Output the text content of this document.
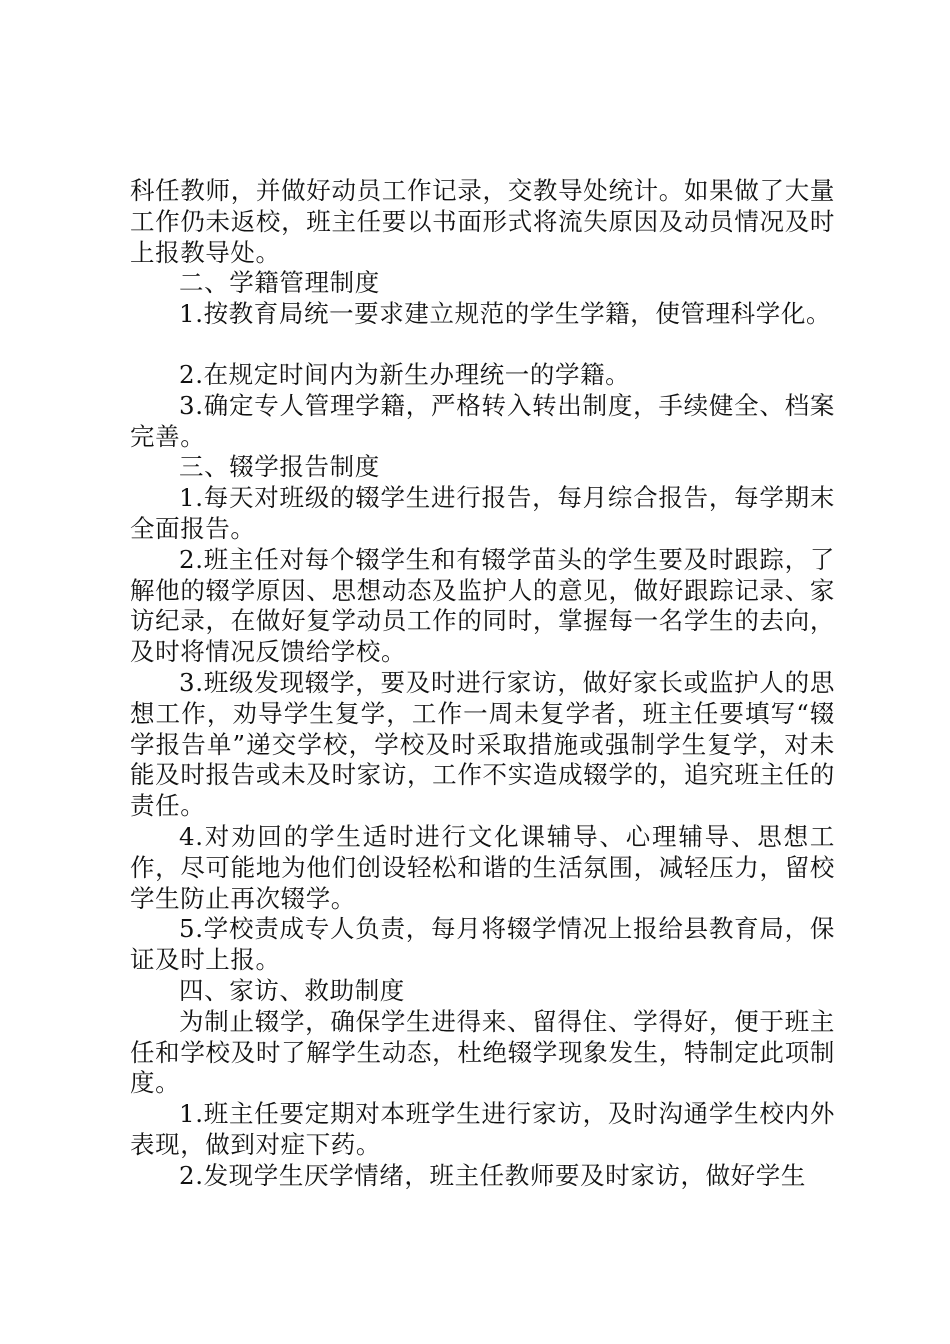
科任教师，并做好动员工作记录，交教导处统计。如果做了大量工作仍未返校，班主任要以书面形式将流失原因及动员情况及时上报教导处。

二、学籍管理制度

1.按教育局统一要求建立规范的学生学籍，使管理科学化。

2.在规定时间内为新生办理统一的学籍。

3.确定专人管理学籍，严格转入转出制度，手续健全、档案完善。

三、辍学报告制度

1.每天对班级的辍学生进行报告，每月综合报告，每学期末全面报告。

2.班主任对每个辍学生和有辍学苗头的学生要及时跟踪，了解他的辍学原因、思想动态及监护人的意见，做好跟踪记录、家访纪录，在做好复学动员工作的同时，掌握每一名学生的去向，及时将情况反馈给学校。

3.班级发现辍学，要及时进行家访，做好家长或监护人的思想工作，劝导学生复学，工作一周未复学者，班主任要填写“辍学报告单”递交学校，学校及时采取措施或强制学生复学，对未能及时报告或未及时家访，工作不实造成辍学的，追究班主任的责任。

4.对劝回的学生适时进行文化课辅导、心理辅导、思想工作，尽可能地为他们创设轻松和谐的生活氛围，减轻压力，留校学生防止再次辍学。

5.学校责成专人负责，每月将辍学情况上报给县教育局，保证及时上报。

四、家访、救助制度

为制止辍学，确保学生进得来、留得住、学得好，便于班主任和学校及时了解学生动态，杜绝辍学现象发生，特制定此项制度。

1.班主任要定期对本班学生进行家访，及时沟通学生校内外表现，做到对症下药。

2.发现学生厌学情绪，班主任教师要及时家访，做好学生
